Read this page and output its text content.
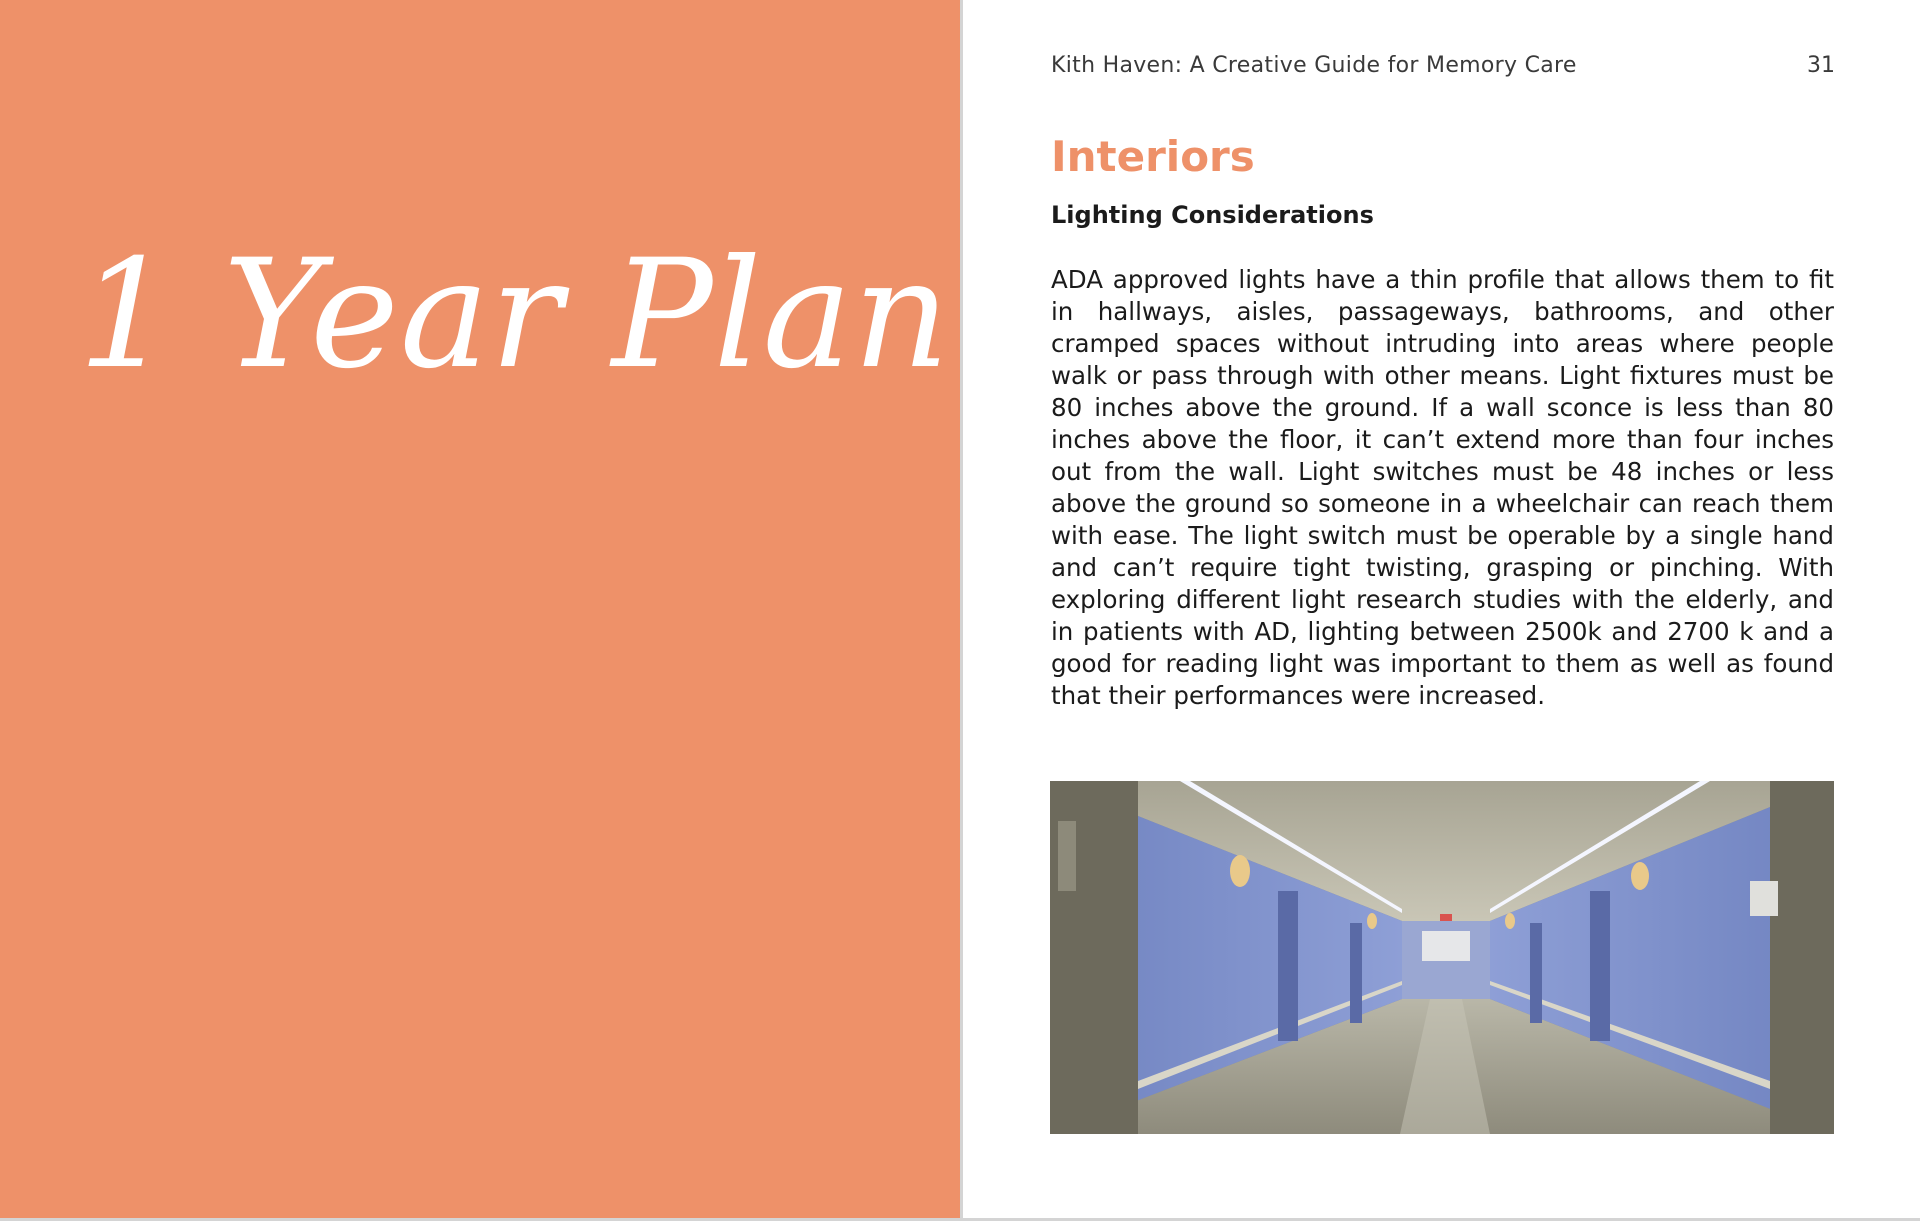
1 Year Plan
Kith Haven: A Creative Guide for Memory Care	31
Interiors
Lighting Considerations

ADA approved lights have a thin profile that allows them to fit in hallways, aisles, passageways, bathrooms, and other cramped spaces without intruding into areas where people walk or pass through with other means. Light fixtures must be 80 inches above the ground. If a wall sconce is less than 80 inches above the floor, it can’t extend more than four inches out from the wall. Light switches must be 48 inches or less above the ground so someone in a wheelchair can reach them with ease. The light switch must be operable by a single hand and can’t require tight twisting, grasping or pinching. With exploring different light research studies with the elderly, and in patients with AD, lighting between 2500k and 2700 k and a good for reading light was important to them as well as found that their performances were increased.
